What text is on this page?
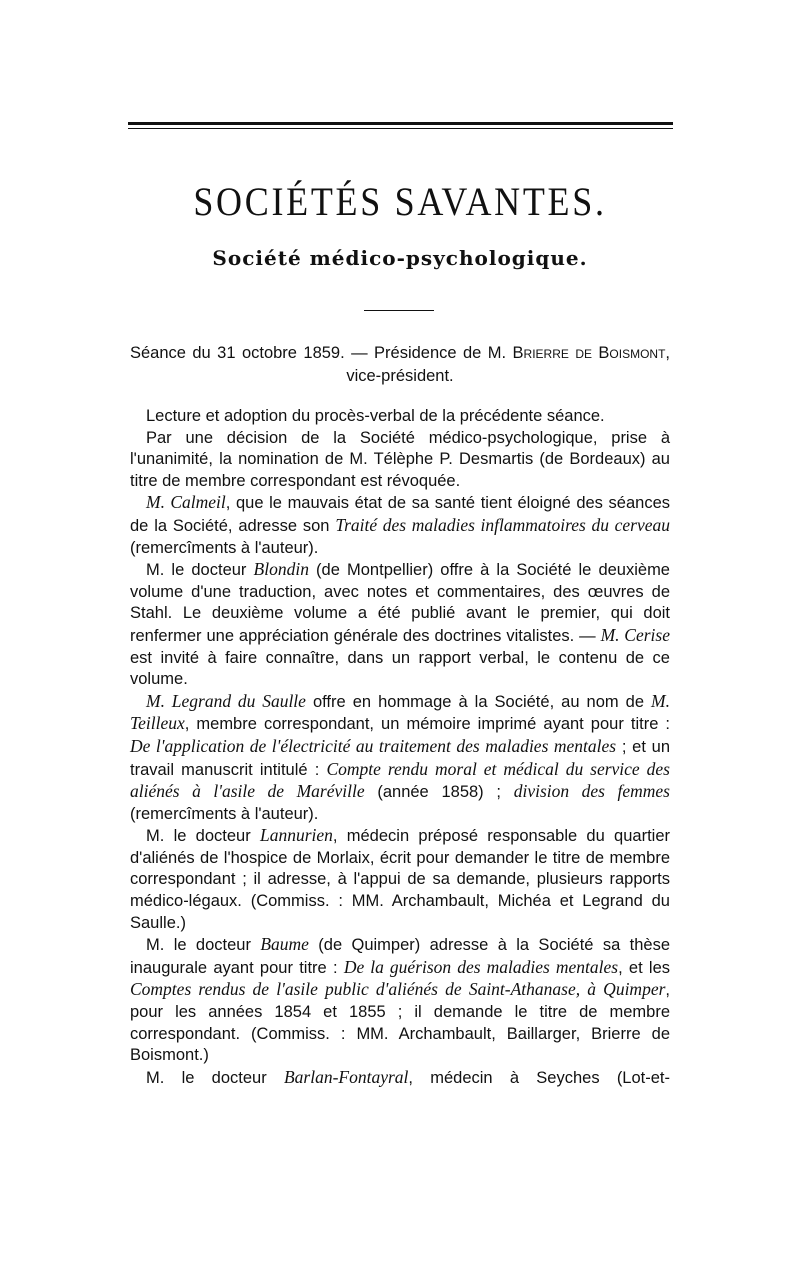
SOCIÉTÉS SAVANTES.
Société médico-psychologique.
Séance du 31 octobre 1859. — Présidence de M. Brierre de Boismont,
vice-président.

Lecture et adoption du procès-verbal de la précédente séance.

Par une décision de la Société médico-psychologique, prise à l'unanimité, la nomination de M. Télèphe P. Desmartis (de Bordeaux) au titre de membre correspondant est révoquée.

M. Calmeil, que le mauvais état de sa santé tient éloigné des séances de la Société, adresse son Traité des maladies inflammatoires du cerveau (remercîments à l'auteur).

M. le docteur Blondin (de Montpellier) offre à la Société le deuxième volume d'une traduction, avec notes et commentaires, des œuvres de Stahl. Le deuxième volume a été publié avant le premier, qui doit renfermer une appréciation générale des doctrines vitalistes. — M. Cerise est invité à faire connaître, dans un rapport verbal, le contenu de ce volume.

M. Legrand du Saulle offre en hommage à la Société, au nom de M. Teilleux, membre correspondant, un mémoire imprimé ayant pour titre : De l'application de l'électricité au traitement des maladies mentales ; et un travail manuscrit intitulé : Compte rendu moral et médical du service des aliénés à l'asile de Maréville (année 1858) ; division des femmes (remercîments à l'auteur).

M. le docteur Lannurien, médecin préposé responsable du quartier d'aliénés de l'hospice de Morlaix, écrit pour demander le titre de membre correspondant ; il adresse, à l'appui de sa demande, plusieurs rapports médico-légaux. (Commiss. : MM. Archambault, Michéa et Legrand du Saulle.)

M. le docteur Baume (de Quimper) adresse à la Société sa thèse inaugurale ayant pour titre : De la guérison des maladies mentales, et les Comptes rendus de l'asile public d'aliénés de Saint-Athanase, à Quimper, pour les années 1854 et 1855 ; il demande le titre de membre correspondant. (Commiss. : MM. Archambault, Baillarger, Brierre de Boismont.)

M. le docteur Barlan-Fontayral, médecin à Seyches (Lot-et-
